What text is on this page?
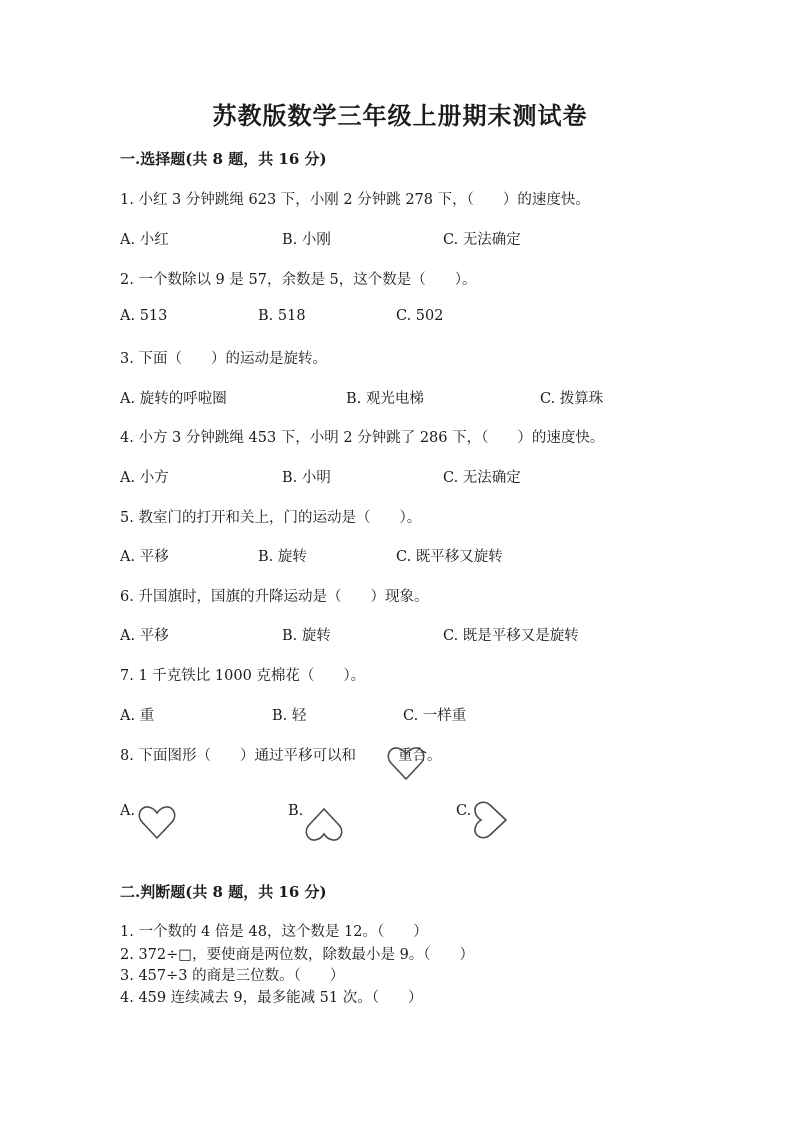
苏教版数学三年级上册期末测试卷
一.选择题(共 8 题，共 16 分)
1. 小红 3 分钟跳绳 623 下，小刚 2 分钟跳 278 下，（　　）的速度快。
A. 小红	B. 小刚	C. 无法确定
2. 一个数除以 9 是 57，余数是 5，这个数是（　　）。
A. 513	B. 518	C. 502
3. 下面（　　）的运动是旋转。
A. 旋转的呼啦圈	B. 观光电梯	C. 拨算珠
4. 小方 3 分钟跳绳 453 下，小明 2 分钟跳了 286 下，（　　）的速度快。
A. 小方	B. 小明	C. 无法确定
5. 教室门的打开和关上，门的运动是（　　）。
A. 平移	B. 旋转	C. 既平移又旋转
6. 升国旗时，国旗的升降运动是（　　）现象。
A. 平移	B. 旋转	C. 既是平移又是旋转
7. 1 千克铁比 1000 克棉花（　　）。
A. 重	B. 轻	C. 一样重
8. 下面图形（　　）通过平移可以和	重合。
A.	B.	C.
二.判断题(共 8 题，共 16 分)
1. 一个数的 4 倍是 48，这个数是 12。（　　）
2. 372÷□，要使商是两位数，除数最小是 9。（　　）
3. 457÷3 的商是三位数。（　　）
4. 459 连续减去 9，最多能减 51 次。（　　）
